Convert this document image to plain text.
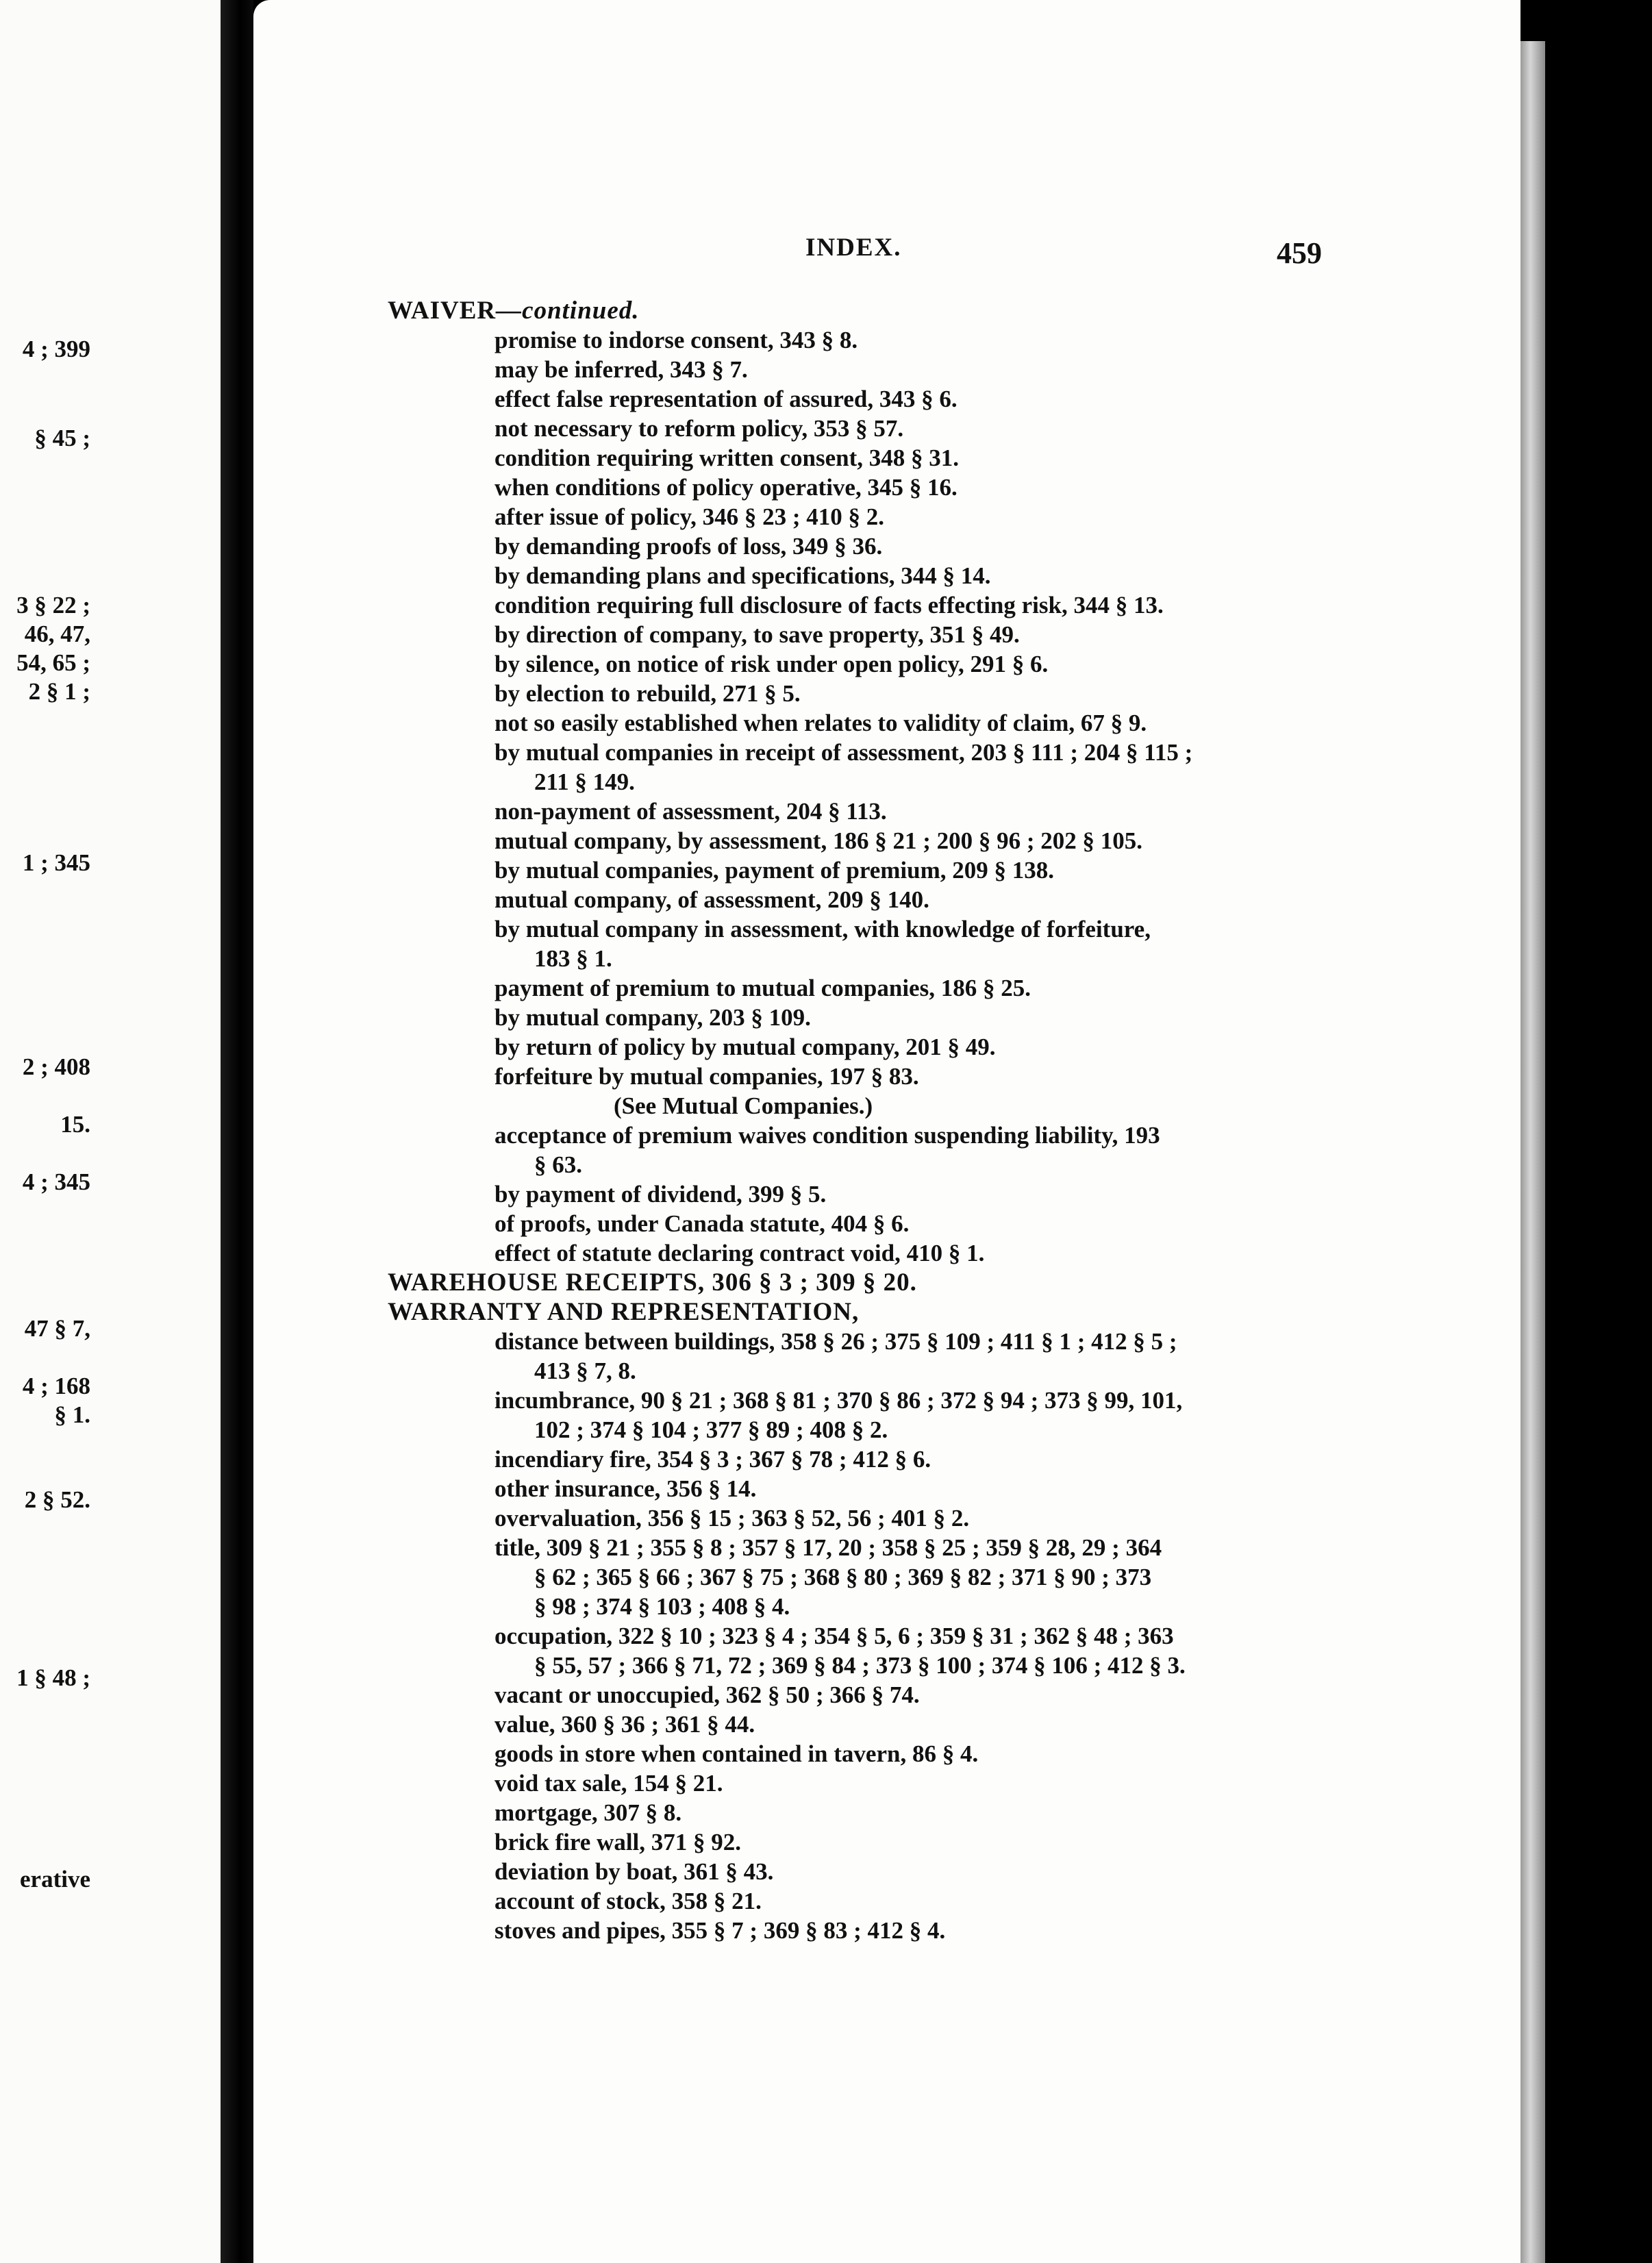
4 ; 399
§ 45 ;
3 § 22 ;
46, 47,
54, 65 ;
2 § 1 ;
1 ; 345
2 ; 408
15.
4 ; 345
47 § 7,
4 ; 168
§ 1.
2 § 52.
1 § 48 ;
erative
INDEX.	459
WAIVER—continued.
promise to indorse consent, 343 § 8.
may be inferred, 343 § 7.
effect false representation of assured, 343 § 6.
not necessary to reform policy, 353 § 57.
condition requiring written consent, 348 § 31.
when conditions of policy operative, 345 § 16.
after issue of policy, 346 § 23 ; 410 § 2.
by demanding proofs of loss, 349 § 36.
by demanding plans and specifications, 344 § 14.
condition requiring full disclosure of facts effecting risk, 344 § 13.
by direction of company, to save property, 351 § 49.
by silence, on notice of risk under open policy, 291 § 6.
by election to rebuild, 271 § 5.
not so easily established when relates to validity of claim, 67 § 9.
by mutual companies in receipt of assessment, 203 § 111 ; 204 § 115 ;
211 § 149.
non-payment of assessment, 204 § 113.
mutual company, by assessment, 186 § 21 ; 200 § 96 ; 202 § 105.
by mutual companies, payment of premium, 209 § 138.
mutual company, of assessment, 209 § 140.
by mutual company in assessment, with knowledge of forfeiture,
183 § 1.
payment of premium to mutual companies, 186 § 25.
by mutual company, 203 § 109.
by return of policy by mutual company, 201 § 49.
forfeiture by mutual companies, 197 § 83.
(See Mutual Companies.)
acceptance of premium waives condition suspending liability, 193
§ 63.
by payment of dividend, 399 § 5.
of proofs, under Canada statute, 404 § 6.
effect of statute declaring contract void, 410 § 1.
WAREHOUSE RECEIPTS, 306 § 3 ; 309 § 20.
WARRANTY AND REPRESENTATION,
distance between buildings, 358 § 26 ; 375 § 109 ; 411 § 1 ; 412 § 5 ;
413 § 7, 8.
incumbrance, 90 § 21 ; 368 § 81 ; 370 § 86 ; 372 § 94 ; 373 § 99, 101,
102 ; 374 § 104 ; 377 § 89 ; 408 § 2.
incendiary fire, 354 § 3 ; 367 § 78 ; 412 § 6.
other insurance, 356 § 14.
overvaluation, 356 § 15 ; 363 § 52, 56 ; 401 § 2.
title, 309 § 21 ; 355 § 8 ; 357 § 17, 20 ; 358 § 25 ; 359 § 28, 29 ; 364
§ 62 ; 365 § 66 ; 367 § 75 ; 368 § 80 ; 369 § 82 ; 371 § 90 ; 373
§ 98 ; 374 § 103 ; 408 § 4.
occupation, 322 § 10 ; 323 § 4 ; 354 § 5, 6 ; 359 § 31 ; 362 § 48 ; 363
§ 55, 57 ; 366 § 71, 72 ; 369 § 84 ; 373 § 100 ; 374 § 106 ; 412 § 3.
vacant or unoccupied, 362 § 50 ; 366 § 74.
value, 360 § 36 ; 361 § 44.
goods in store when contained in tavern, 86 § 4.
void tax sale, 154 § 21.
mortgage, 307 § 8.
brick fire wall, 371 § 92.
deviation by boat, 361 § 43.
account of stock, 358 § 21.
stoves and pipes, 355 § 7 ; 369 § 83 ; 412 § 4.
